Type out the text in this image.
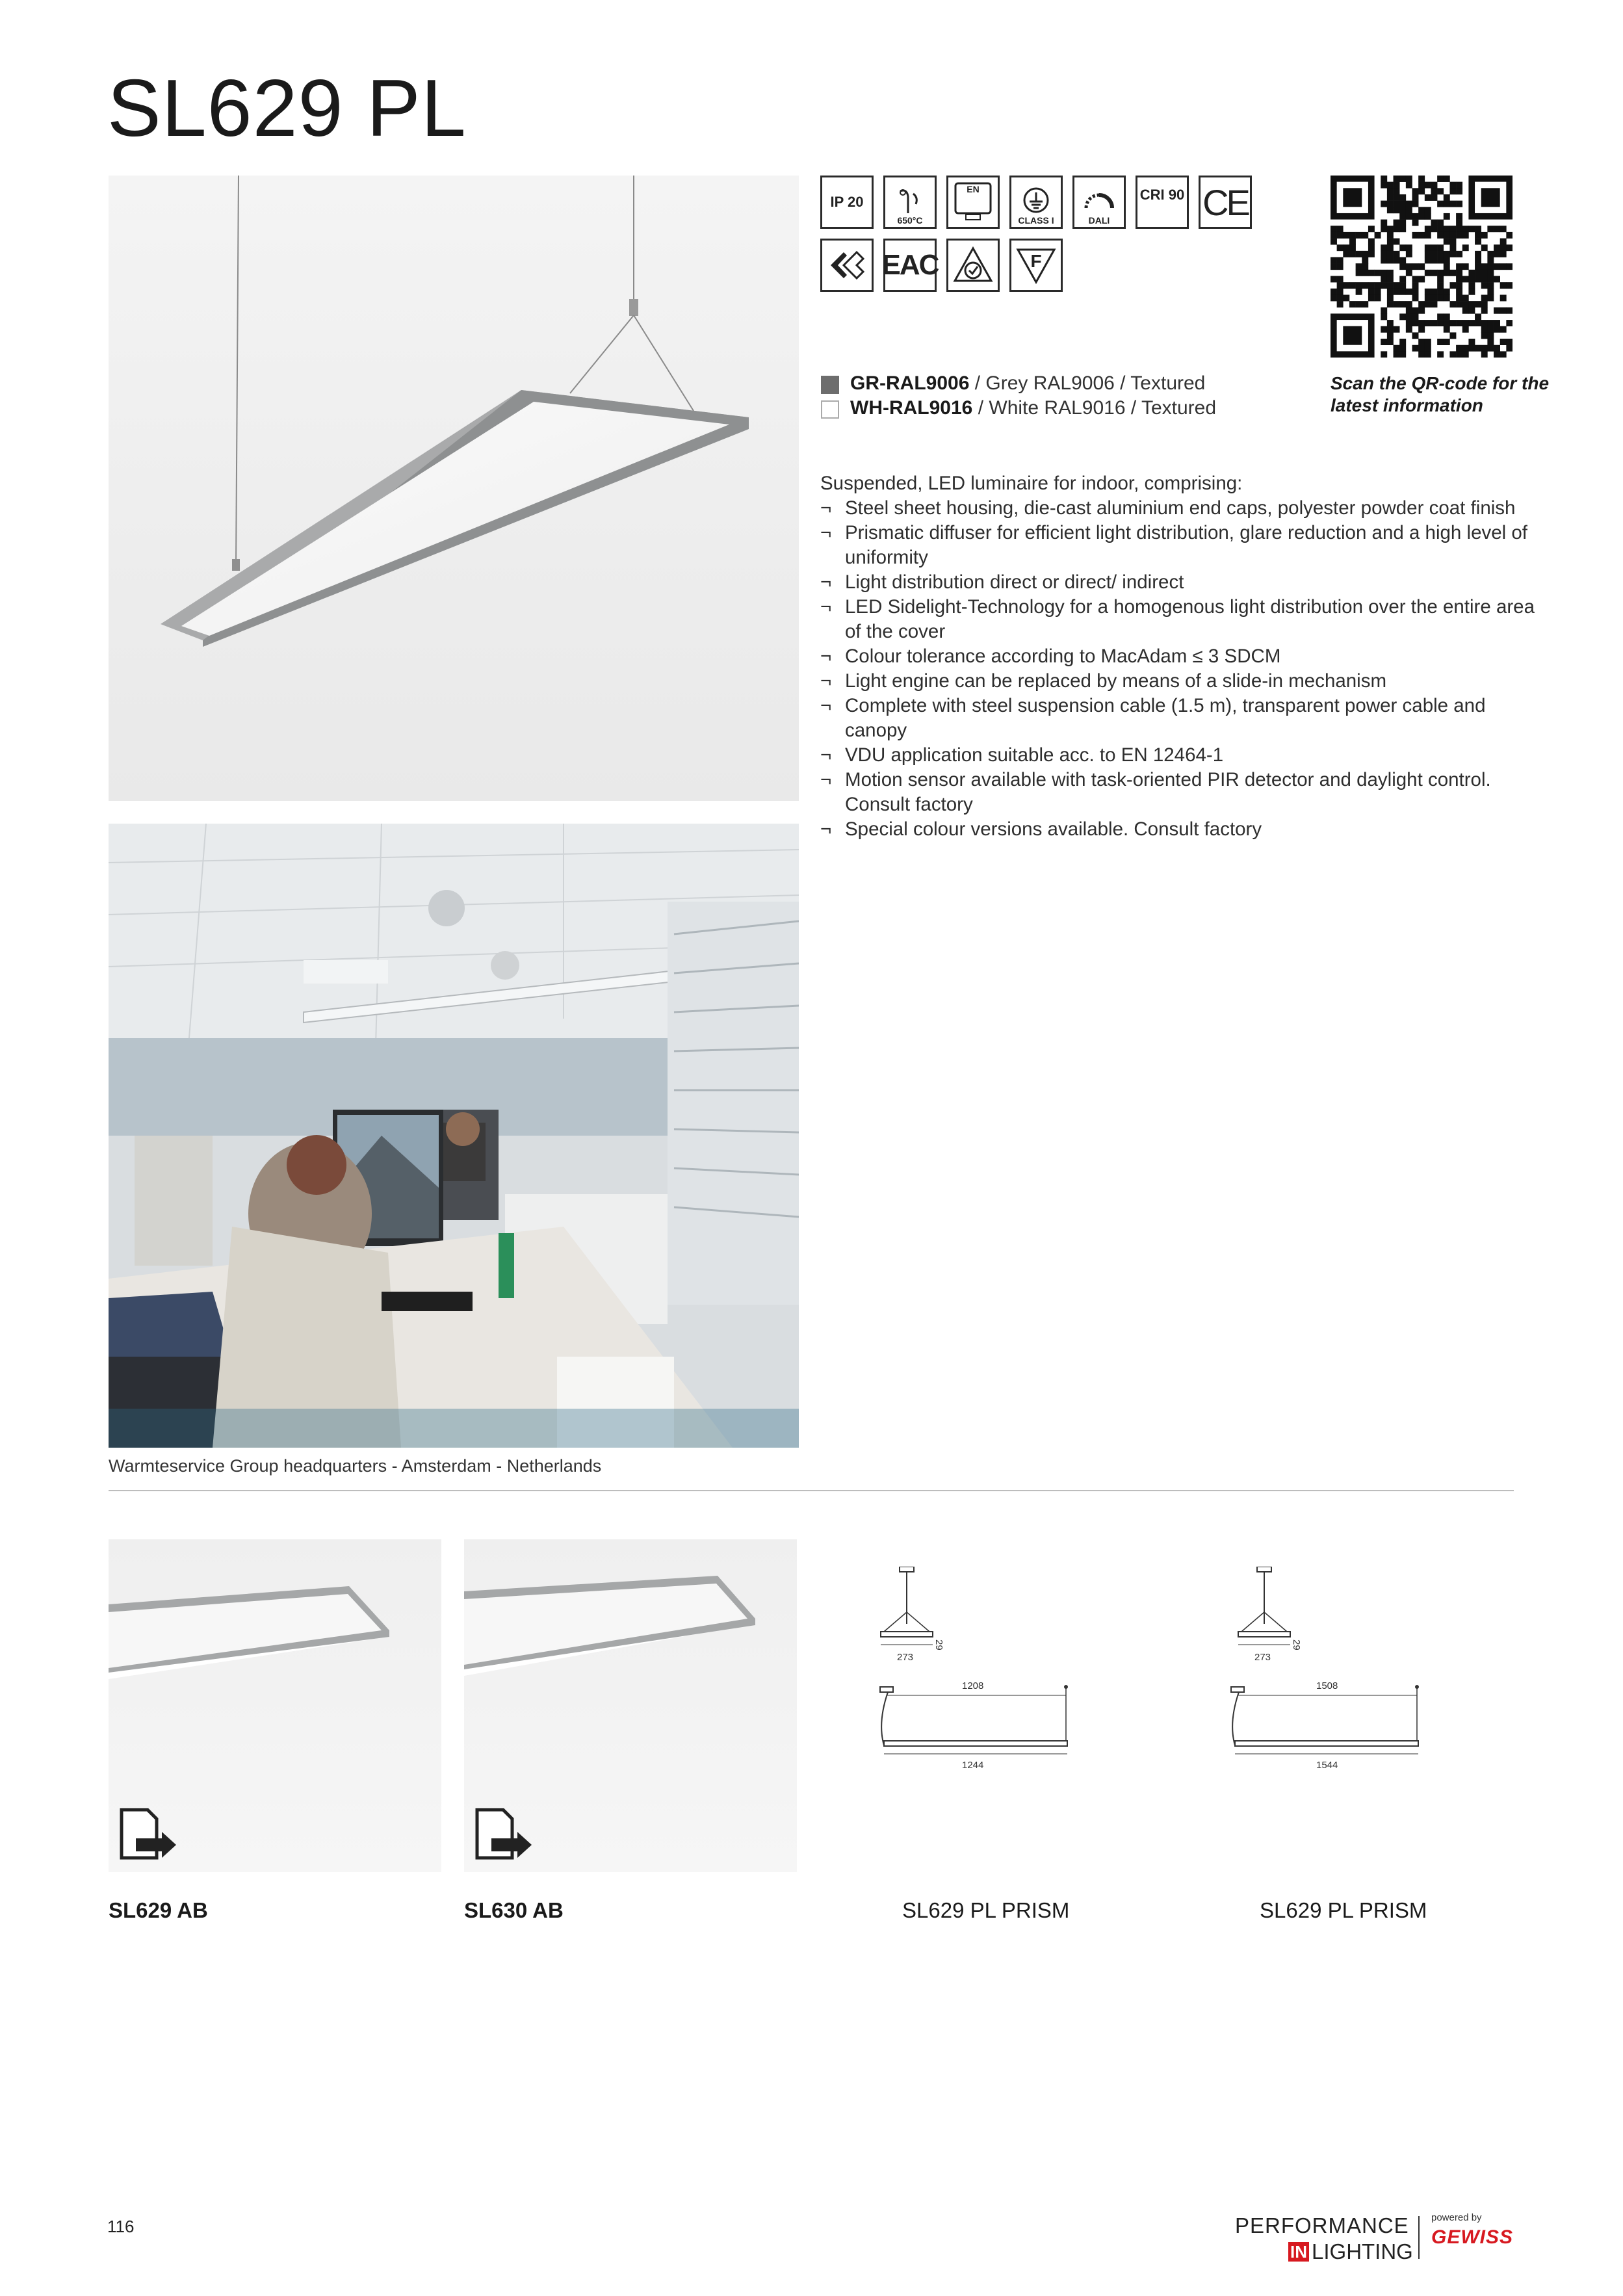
SL629 PL
Warmteservice Group headquarters - Amsterdam - Netherlands
IP 20
650°C
EN
CLASS I	DALI
CRI 90 CE
EAC	F
Scan the QR-code for the latest information
GR-RAL9006 / Grey RAL9006 / Textured
WH-RAL9016 / White RAL9016 / Textured
Suspended, LED luminaire for indoor, comprising:
¬ Steel sheet housing, die-cast aluminium end caps, polyester powder coat finish
¬ Prismatic diffuser for efficient light distribution, glare reduction and a high level of uniformity
¬ Light distribution direct or direct/ indirect
¬ LED Sidelight-Technology for a homogenous light distribution over the entire area of the cover
¬ Colour tolerance according to MacAdam ≤ 3 SDCM
¬ Light engine can be replaced by means of a slide-in mechanism
¬ Complete with steel suspension cable (1.5 m), transparent power cable and canopy
¬ VDU application suitable acc. to EN 12464-1
¬ Motion sensor available with task-oriented PIR detector and daylight control. Consult factory
¬ Special colour versions available. Consult factory
SL629 AB	SL630 AB
273
29
1208
1244
SL629 PL PRISM
273
29
1508
1544
SL629 PL PRISM
116	PERFORMANCE
IN LIGHTING
powered by
GEWISS
